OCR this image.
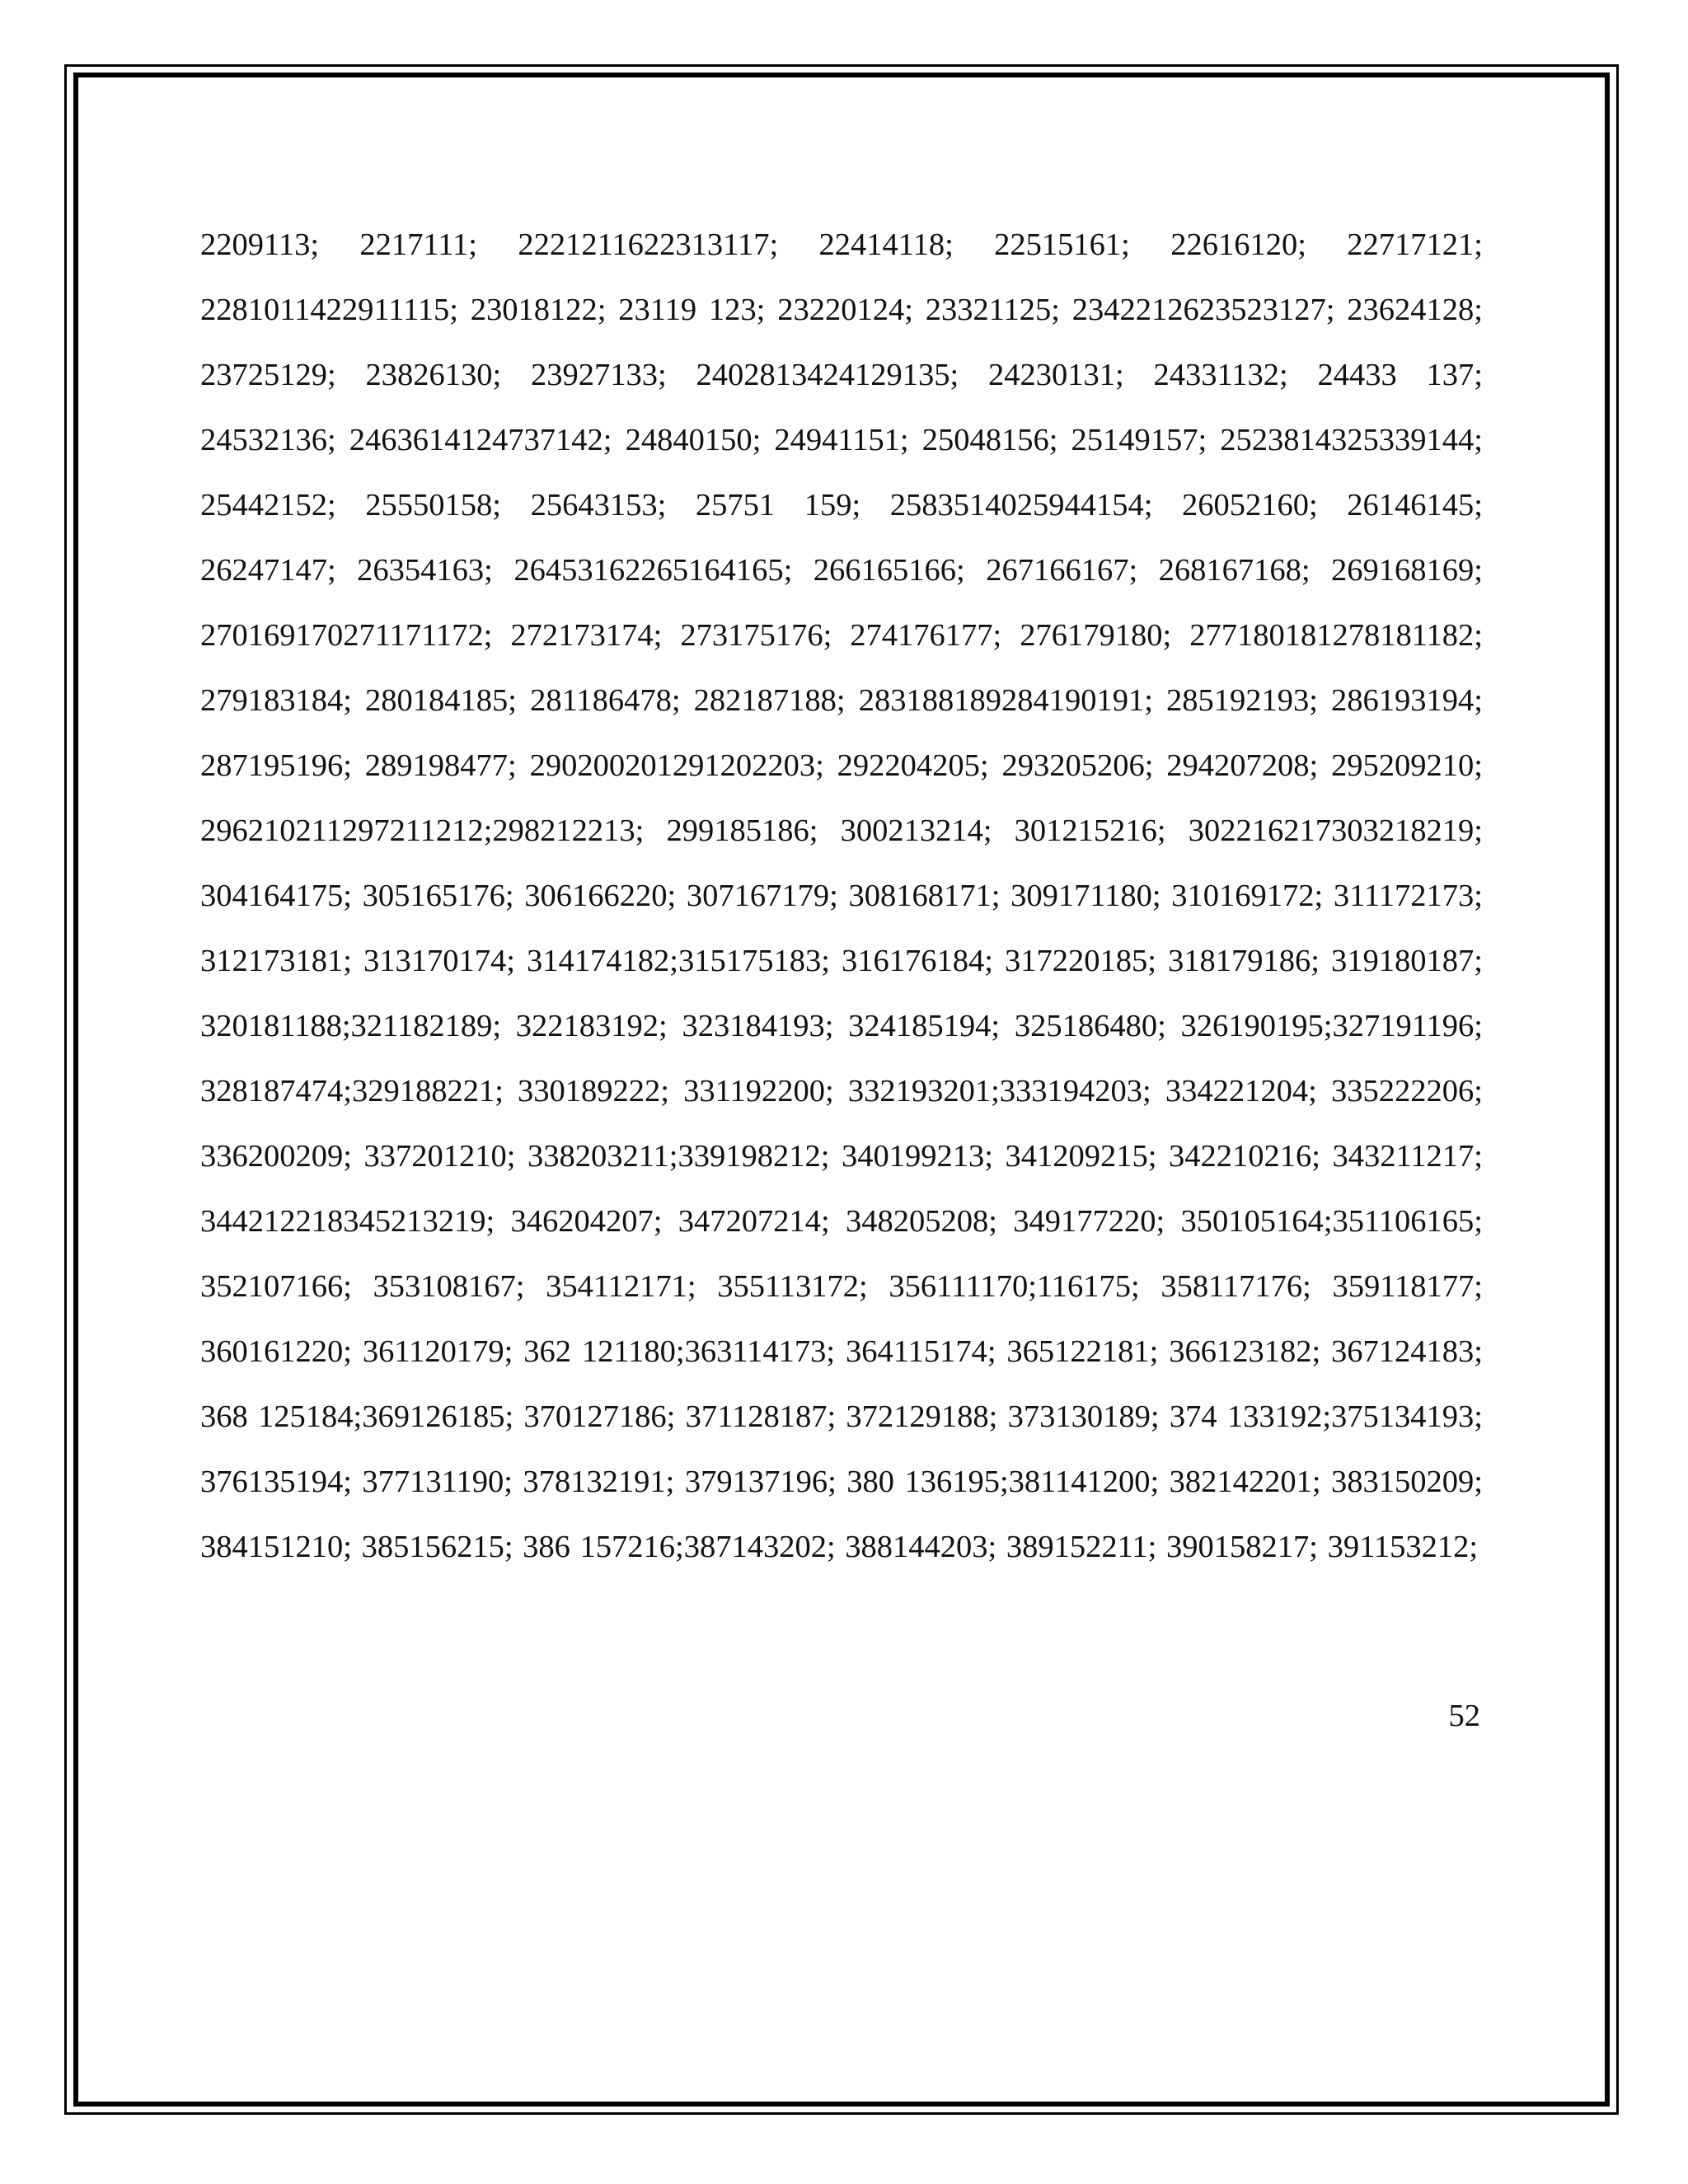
2209113; 2217111; 2221211622313117; 22414118; 22515161; 22616120; 22717121; 2281011422911115; 23018122; 23119 123; 23220124; 23321125; 2342212623523127; 23624128; 23725129; 23826130; 23927133; 2402813424129135; 24230131; 24331132; 24433 137; 24532136; 2463614124737142; 24840150; 24941151; 25048156; 25149157; 2523814325339144; 25442152; 25550158; 25643153; 25751 159; 2583514025944154; 26052160; 26146145; 26247147; 26354163; 26453162265164165; 266165166; 267166167; 268167168; 269168169; 270169170271171172; 272173174; 273175176; 274176177; 276179180; 277180181278181182; 279183184; 280184185; 281186478; 282187188; 283188189284190191; 285192193; 286193194; 287195196; 289198477; 290200201291202203; 292204205; 293205206; 294207208; 295209210; 296210211297211212;298212213; 299185186; 300213214; 301215216; 302216217303218219; 304164175; 305165176; 306166220; 307167179; 308168171; 309171180; 310169172; 311172173; 312173181; 313170174; 314174182;315175183; 316176184; 317220185; 318179186; 319180187; 320181188;321182189; 322183192; 323184193; 324185194; 325186480; 326190195;327191196; 328187474;329188221; 330189222; 331192200; 332193201;333194203; 334221204; 335222206; 336200209; 337201210; 338203211;339198212; 340199213; 341209215; 342210216; 343211217; 344212218345213219; 346204207; 347207214; 348205208; 349177220; 350105164;351106165; 352107166; 353108167; 354112171; 355113172; 356111170;116175; 358117176; 359118177; 360161220; 361120179; 362 121180;363114173; 364115174; 365122181; 366123182; 367124183; 368 125184;369126185; 370127186; 371128187; 372129188; 373130189; 374 133192;375134193; 376135194; 377131190; 378132191; 379137196; 380 136195;381141200; 382142201; 383150209; 384151210; 385156215; 386 157216;387143202; 388144203; 389152211; 390158217; 391153212;

52
